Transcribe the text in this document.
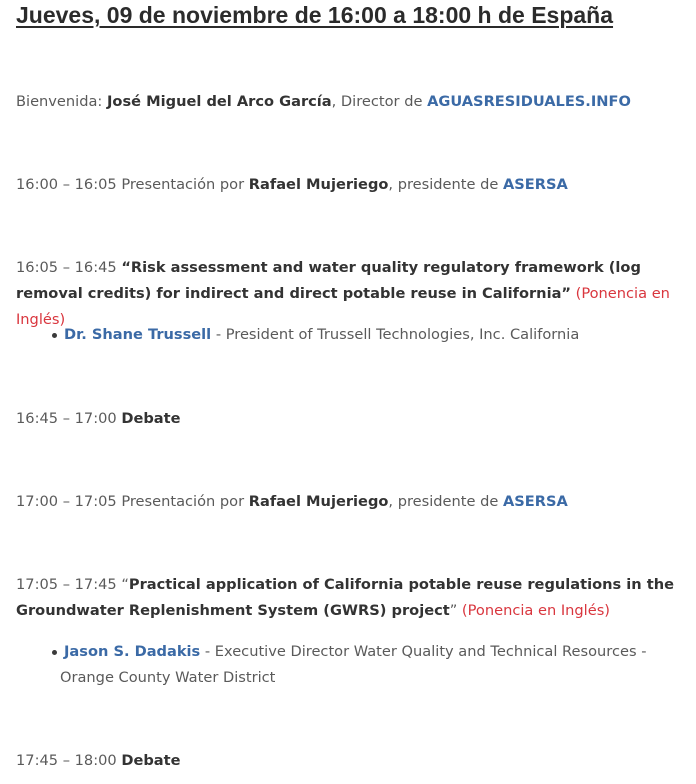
Jueves, 09 de noviembre de 16:00 a 18:00 h de España

Bienvenida: José Miguel del Arco García, Director de AGUASRESIDUALES.INFO

16:00 – 16:05 Presentación por Rafael Mujeriego, presidente de ASERSA

16:05 – 16:45 “Risk assessment and water quality regulatory framework (log removal credits) for indirect and direct potable reuse in California” (Ponencia en Inglés)

Dr. Shane Trussell - President of Trussell Technologies, Inc. California

16:45 – 17:00 Debate

17:00 – 17:05 Presentación por Rafael Mujeriego, presidente de ASERSA

17:05 – 17:45 “Practical application of California potable reuse regulations in the Groundwater Replenishment System (GWRS) project” (Ponencia en Inglés)

Jason S. Dadakis - Executive Director Water Quality and Technical Resources -
Orange County Water District

17:45 – 18:00 Debate
